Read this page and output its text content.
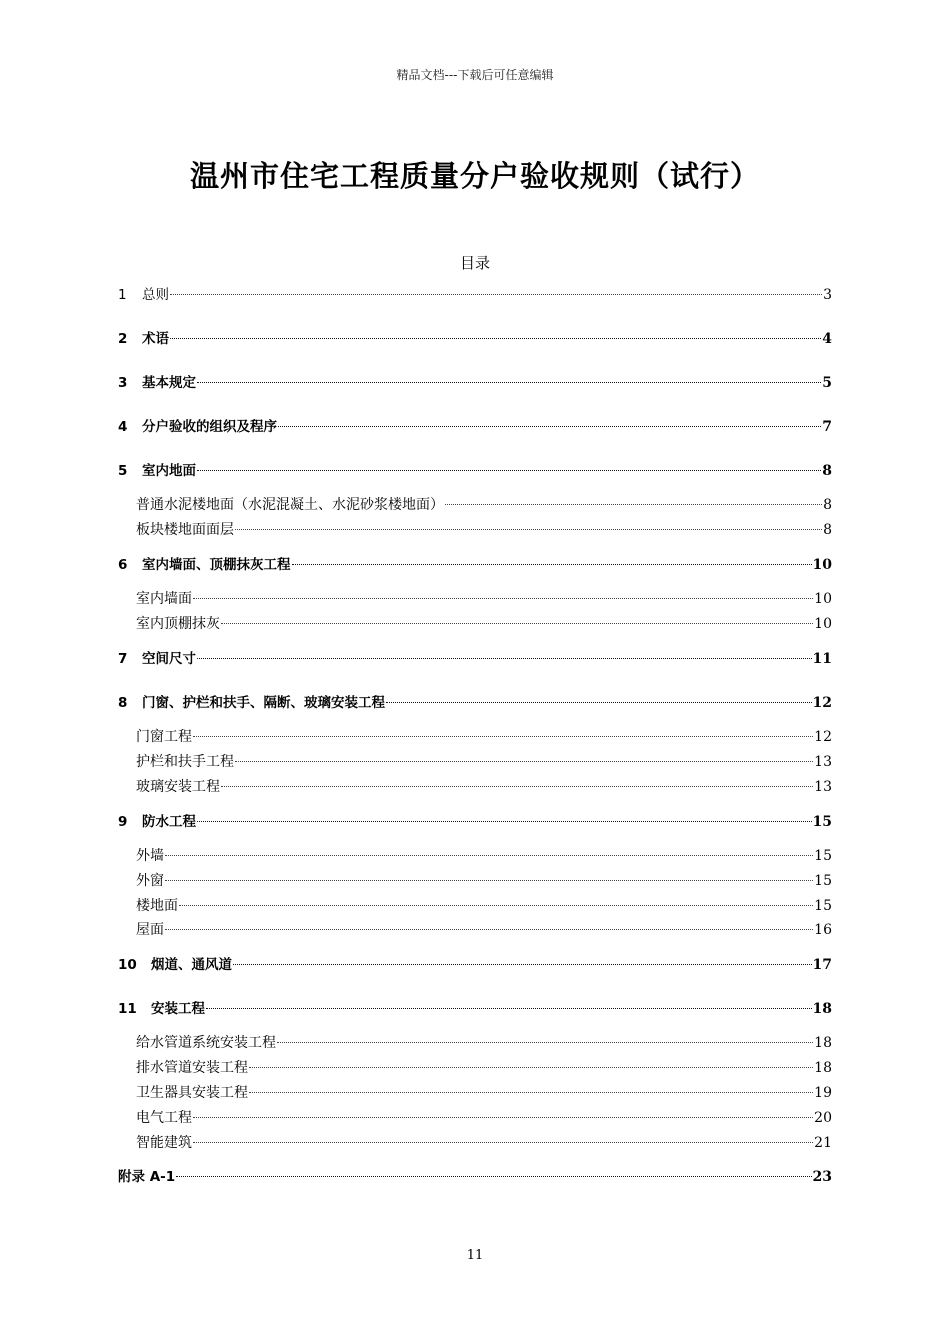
精品文档---下载后可任意编辑
温州市住宅工程质量分户验收规则（试行）
目录
1	总则	3
2	术语	4
3	基本规定	5
4	分户验收的组织及程序	7
5	室内地面	8
普通水泥楼地面（水泥混凝土、水泥砂浆楼地面）	8
板块楼地面面层	8
6	室内墙面、顶棚抹灰工程	10
室内墙面	10
室内顶棚抹灰	10
7	空间尺寸	11
8	门窗、护栏和扶手、隔断、玻璃安装工程	12
门窗工程	12
护栏和扶手工程	13
玻璃安装工程	13
9	防水工程	15
外墙	15
外窗	15
楼地面	15
屋面	16
10	烟道、通风道	17
11	安装工程	18
给水管道系统安装工程	18
排水管道安装工程	18
卫生器具安装工程	19
电气工程	20
智能建筑	21
附录 A-1	23
11
